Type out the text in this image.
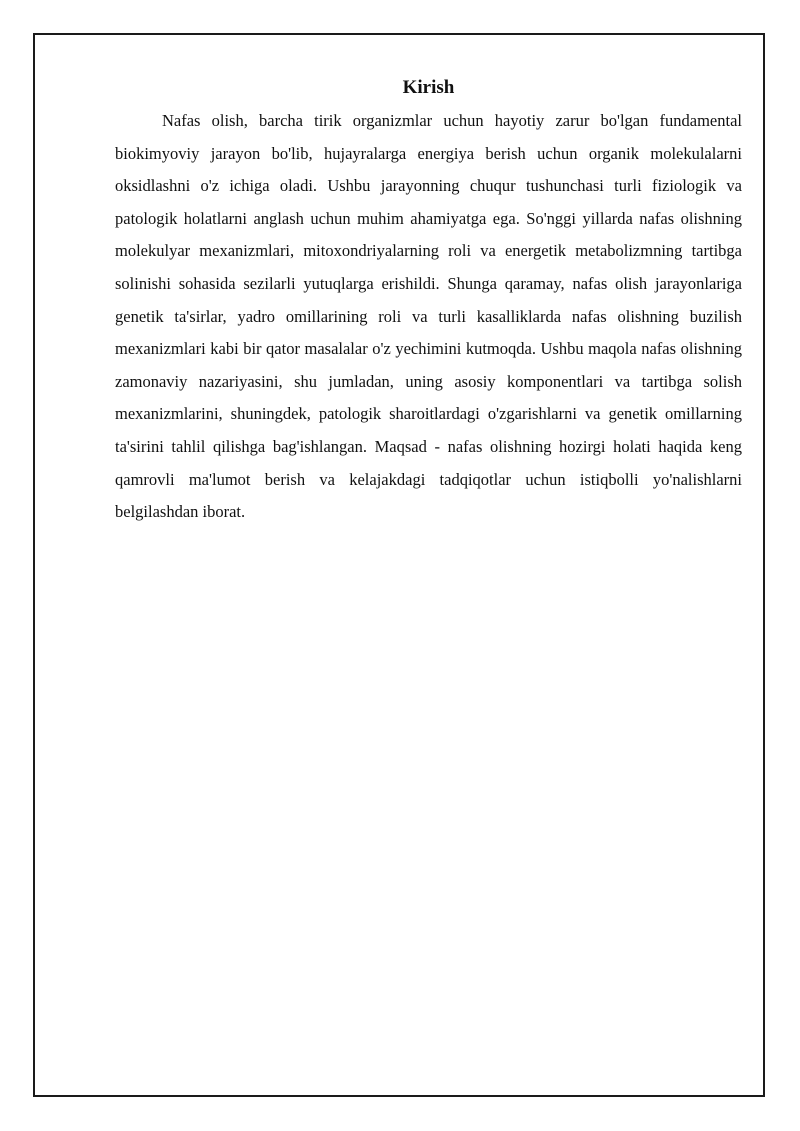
Kirish

Nafas olish, barcha tirik organizmlar uchun hayotiy zarur bo'lgan fundamental biokimyoviy jarayon bo'lib, hujayralarga energiya berish uchun organik molekulalarni oksidlashni o'z ichiga oladi. Ushbu jarayonning chuqur tushunchasi turli fiziologik va patologik holatlarni anglash uchun muhim ahamiyatga ega. So'nggi yillarda nafas olishning molekulyar mexanizmlari, mitoxondriyalarning roli va energetik metabolizmning tartibga solinishi sohasida sezilarli yutuqlarga erishildi. Shunga qaramay, nafas olish jarayonlariga genetik ta'sirlar, yadro omillarining roli va turli kasalliklarda nafas olishning buzilish mexanizmlari kabi bir qator masalalar o'z yechimini kutmoqda. Ushbu maqola nafas olishning zamonaviy nazariyasini, shu jumladan, uning asosiy komponentlari va tartibga solish mexanizmlarini, shuningdek, patologik sharoitlardagi o'zgarishlarni va genetik omillarning ta'sirini tahlil qilishga bag'ishlangan. Maqsad - nafas olishning hozirgi holati haqida keng qamrovli ma'lumot berish va kelajakdagi tadqiqotlar uchun istiqbolli yo'nalishlarni belgilashdan iborat.
